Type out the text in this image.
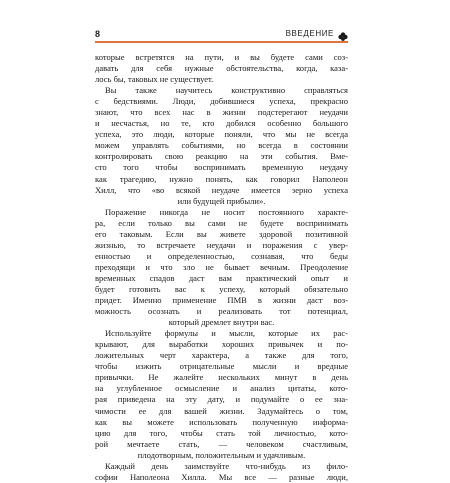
8	ВВЕДЕНИЕ
которые встретятся на пути, и вы будете сами соз-
давать для себя нужные обстоятельства, когда, каза-
лось бы, таковых не существует.
Вы также научитесь конструктивно справляться
с бедствиями. Люди, добившиеся успеха, прекрасно
знают, что всех нас в жизни подстерегают неудачи
и несчастья, но те, кто добился особенно большого
успеха, это люди, которые поняли, что мы не всегда
можем управлять событиями, но всегда в состоянии
контролировать свою реакцию на эти события. Вме-
сто того чтобы воспринимать временную неудачу
как трагедию, нужно понять, как говорил Наполеон
Хилл, что «во всякой неудаче имеется зерно успеха
или будущей прибыли».
Поражение никогда не носит постоянного характе-
ра, если только вы сами не будете воспринимать
его таковым. Если вы живете здоровой позитивной
жизнью, то встречаете неудачи и поражения с увер-
енностью и определенностью, сознавая, что беды
преходящи и что зло не бывает вечным. Преодоление
временных спадов даст вам практический опыт и
будет готовить вас к успеху, который обязательно
придет. Именно применение ПМВ в жизни даст вoз-
можность осознать и реализовать тот потенциал,
который дремлет внутри вас.
Используйте формулы и мысли, которые их рас-
крывают, для выработки хороших привычек и по-
ложительных черт характера, а также для того,
чтобы изжить отрицательные мысли и вредные
привычки. Не жалейте нескольких минут в день
на углубленное осмысление и анализ цитаты, кото-
рая приведена на эту дату, и подумайте о ее зна-
чимости ее для вашей жизни. Задумайтесь о том,
как вы можете использовать полученную информа-
цию для того, чтобы стать той личностью, кото-
рой мечтаете стать, — человеком счастливым,
плодотворным, положительным и удачливым.
Каждый день заимствуйте что-нибудь из фило-
софии Наполеона Хилла. Мы все — разные люди,
